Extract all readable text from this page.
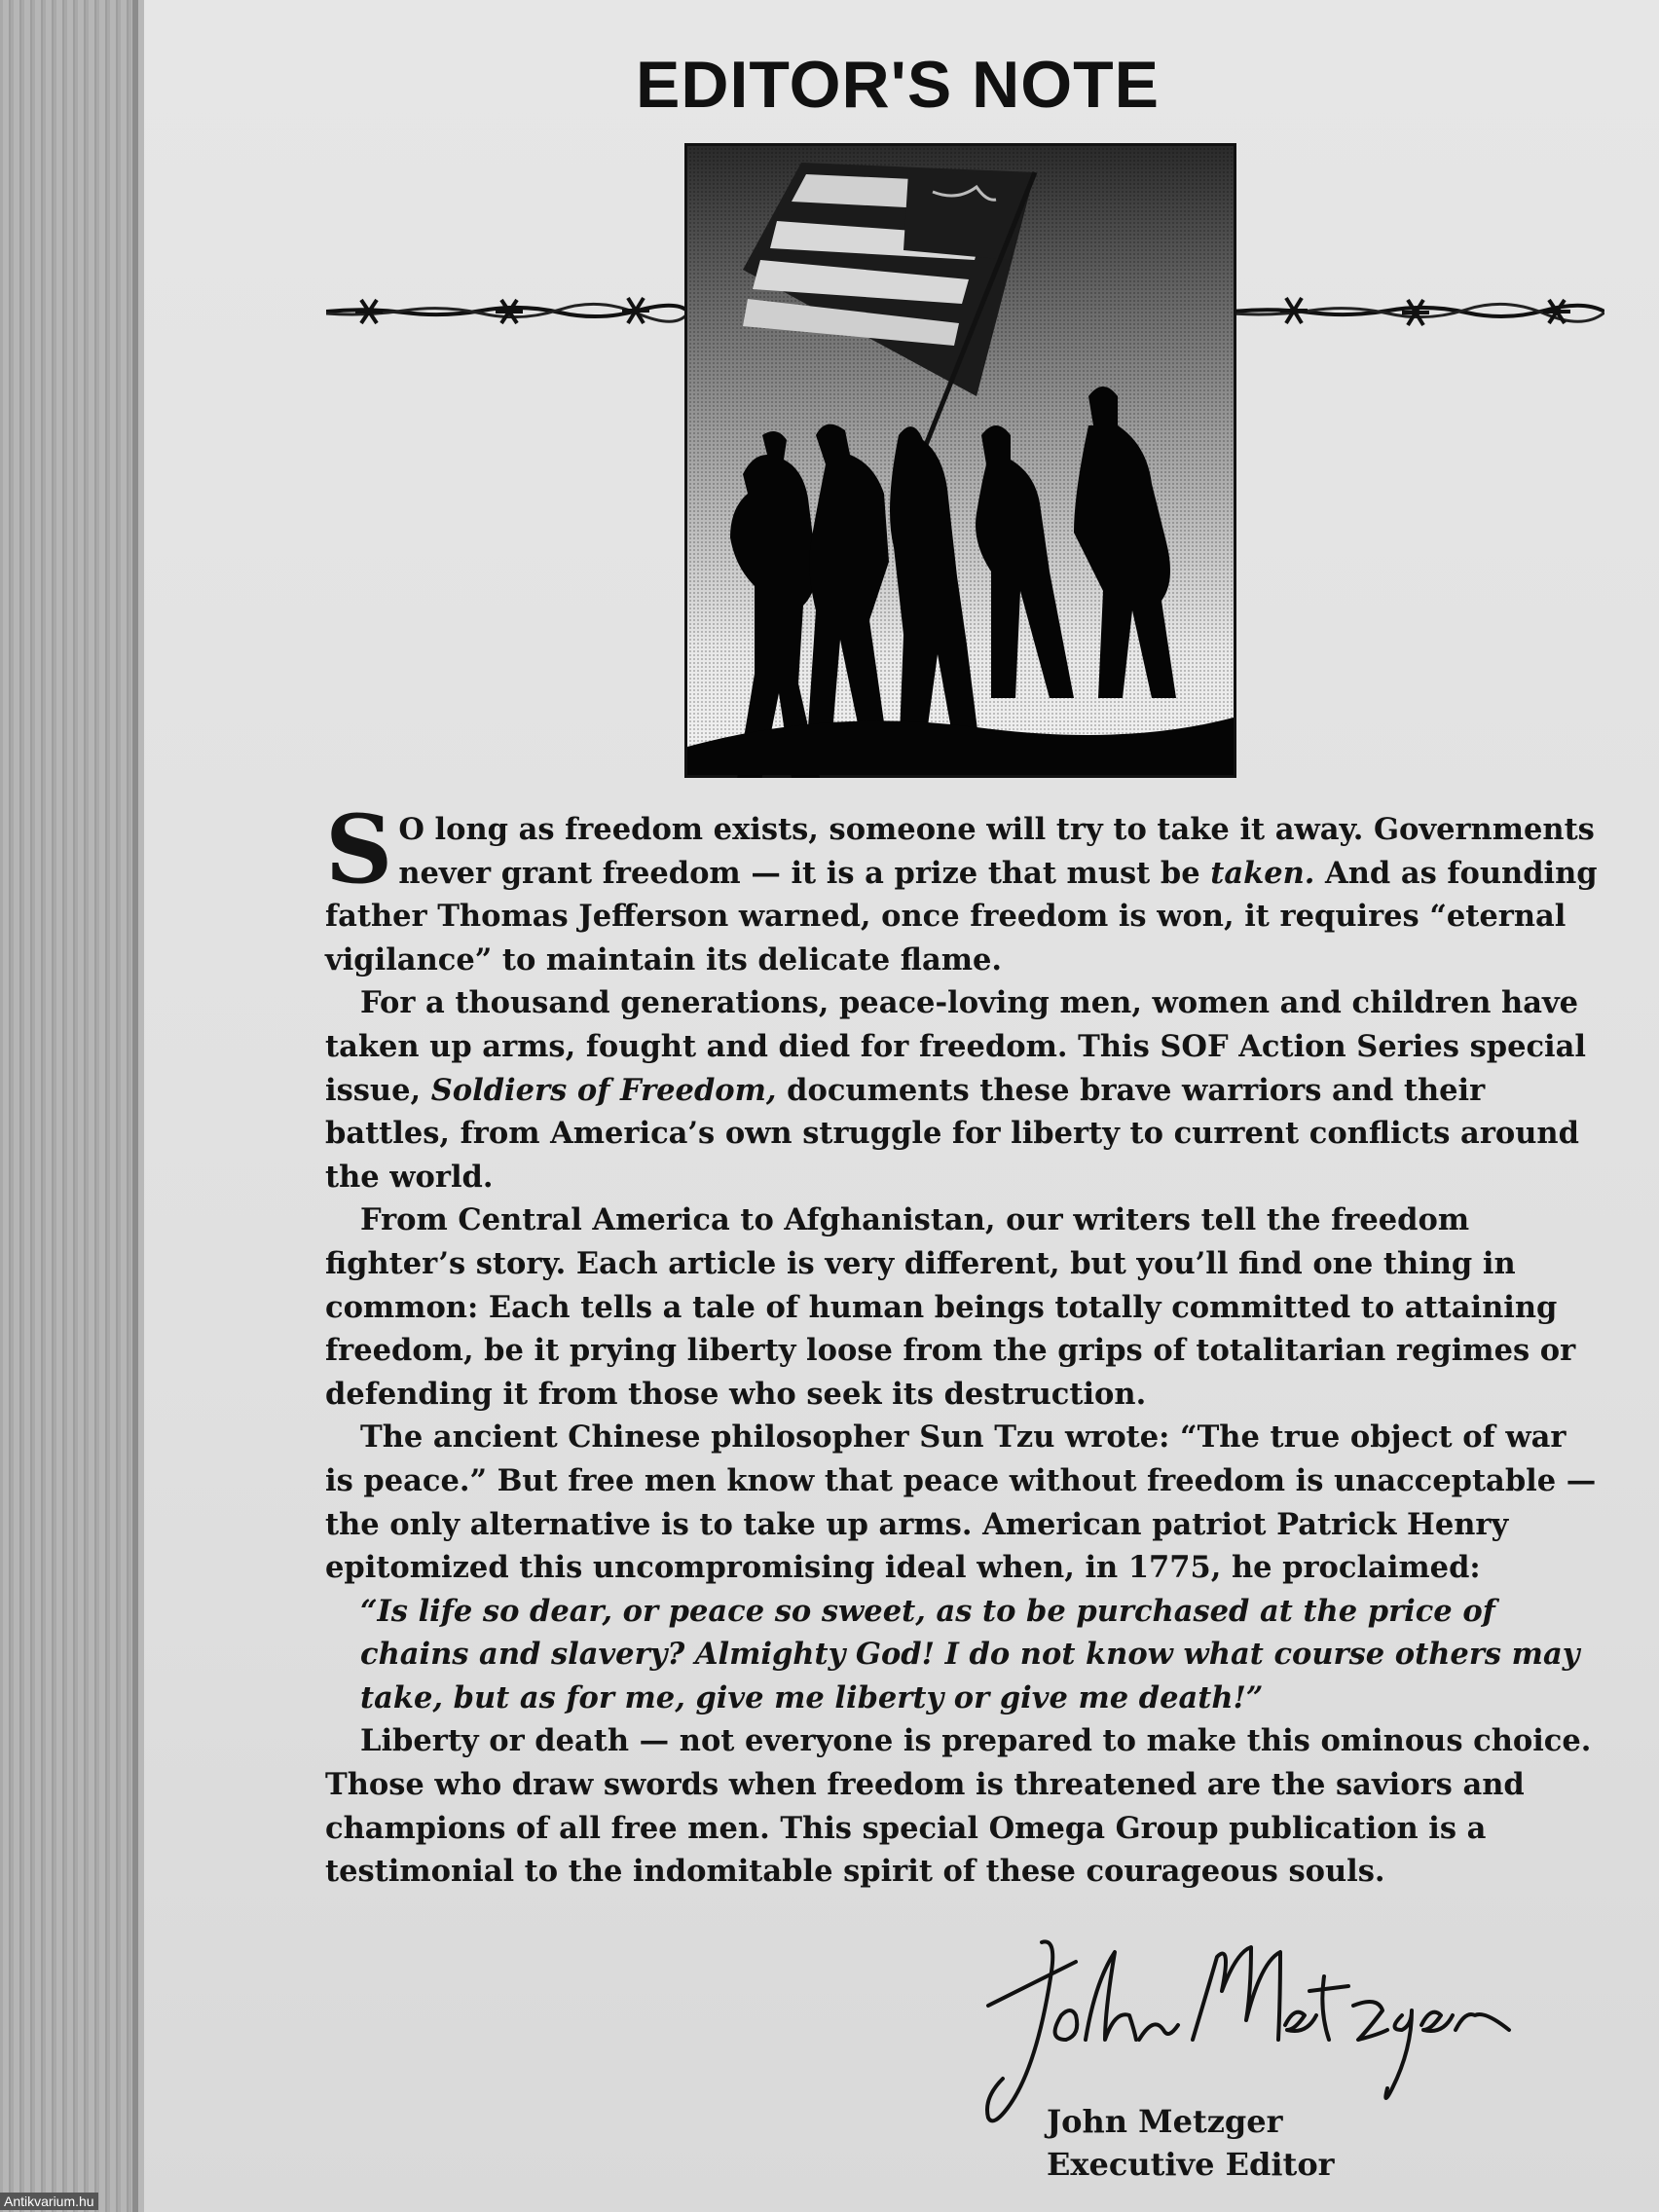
EDITOR'S NOTE

S O long as freedom exists, someone will try to take it away. Governments never grant freedom — it is a prize that must be taken. And as founding father Thomas Jefferson warned, once freedom is won, it requires “eternal vigilance” to maintain its delicate flame.

For a thousand generations, peace-loving men, women and children have taken up arms, fought and died for freedom. This SOF Action Series special issue, Soldiers of Freedom, documents these brave warriors and their battles, from America’s own struggle for liberty to current conflicts around the world.

From Central America to Afghanistan, our writers tell the freedom fighter’s story. Each article is very different, but you’ll find one thing in common: Each tells a tale of human beings totally committed to attaining freedom, be it prying liberty loose from the grips of totalitarian regimes or defending it from those who seek its destruction.

The ancient Chinese philosopher Sun Tzu wrote: “The true object of war is peace.” But free men know that peace without freedom is unacceptable — the only alternative is to take up arms. American patriot Patrick Henry epitomized this uncompromising ideal when, in 1775, he proclaimed:

“Is life so dear, or peace so sweet, as to be purchased at the price of chains and slavery? Almighty God! I do not know what course others may take, but as for me, give me liberty or give me death!”

Liberty or death — not everyone is prepared to make this ominous choice. Those who draw swords when freedom is threatened are the saviors and champions of all free men. This special Omega Group publication is a testimonial to the indomitable spirit of these courageous souls.

John Metzger
Executive Editor
Antikvarium.hu
